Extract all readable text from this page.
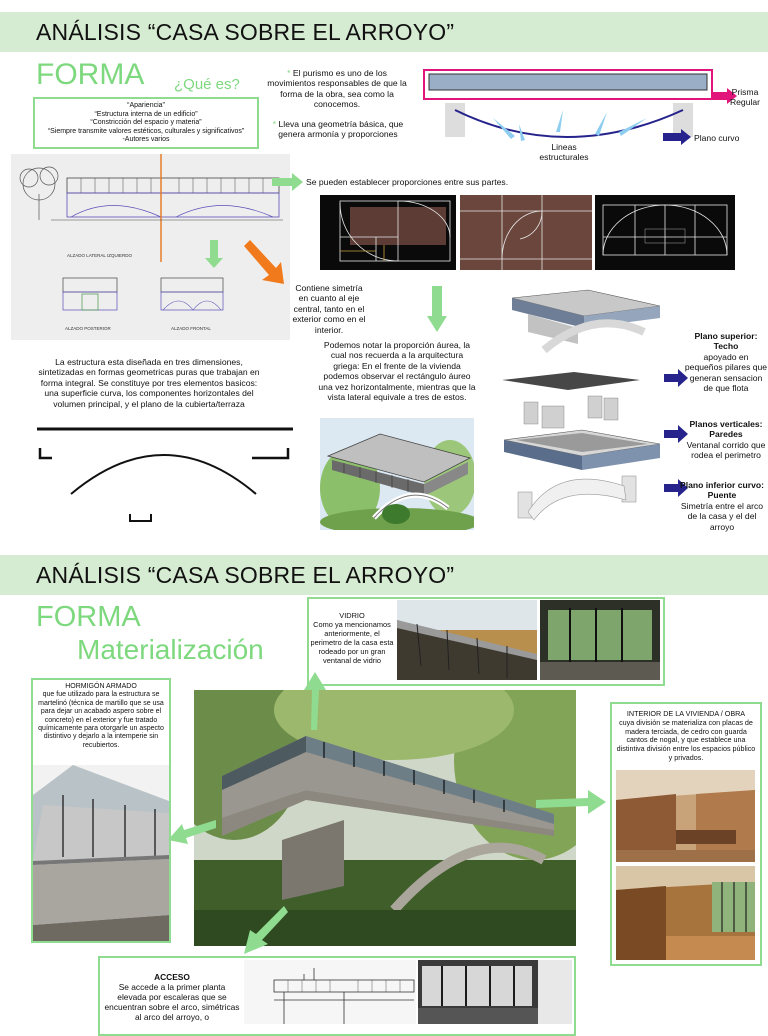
ANÁLISIS “CASA SOBRE EL ARROYO”
FORMA ¿Qué es?
“Apariencia”
“Estructura interna de un edificio”
“Constricción del espacio y materia”
“Siempre transmite valores estéticos, culturales y significativos”
-Autores varios
* El purismo es uno de los movimientos responsables de que la forma de la obra, sea como la conocemos.
* Lleva una geometría básica, que genera armonía y proporciones
Prisma
Regular
Lineas
estructurales
Plano curvo
ALZADO LATERAL IZQUIERDO
ALZADO POSTERIOR	ALZADO FRONTAL
Se pueden establecer proporciones entre sus partes.
Contiene simetría en cuanto al eje central, tanto en el exterior como en el interior.
La estructura esta diseñada en tres dimensiones, sintetizadas en formas geometricas puras que trabajan en forma integral. Se constituye por tres elementos basicos: una superficie curva, los componentes horizontales del volumen principal, y el plano de la cubierta/terraza
Podemos notar la proporción áurea, la cual nos recuerda a la arquitectura griega: En el frente de la vivienda podemos observar el rectángulo áureo una vez horizontalmente, mientras que la vista lateral equivale a tres de estos.
Plano superior:
Techo
apoyado en pequeños pilares que generan sensacion de que flota
Planos verticales:
Paredes
Ventanal corrido que rodea el perimetro
Plano inferior curvo:
Puente
Simetría entre el arco de la casa y el del arroyo
ANÁLISIS “CASA SOBRE EL ARROYO”
FORMA
Materialización
VIDRIO
Como ya mencionamos anteriormente, el perimetro de la casa esta rodeado por un gran ventanal de vidrio
HORMIGÓN ARMADO
que fue utilizado para la estructura se martelinó (técnica de martillo que se usa para dejar un acabado aspero sobre el concreto) en el exterior y fue tratado químicamente para otorgarle un aspecto distintivo y dejarlo a la intemperie sin recubiertos.
INTERIOR DE LA VIVIENDA / OBRA
cuya división se materializa con placas de madera terciada, de cedro con guarda cantos de nogal, y que establece una distintiva división entre los espacios público y privados.
ACCESO
Se accede a la primer planta elevada por escaleras que se encuentran sobre el arco, simétricas al arco del arroyo, o
